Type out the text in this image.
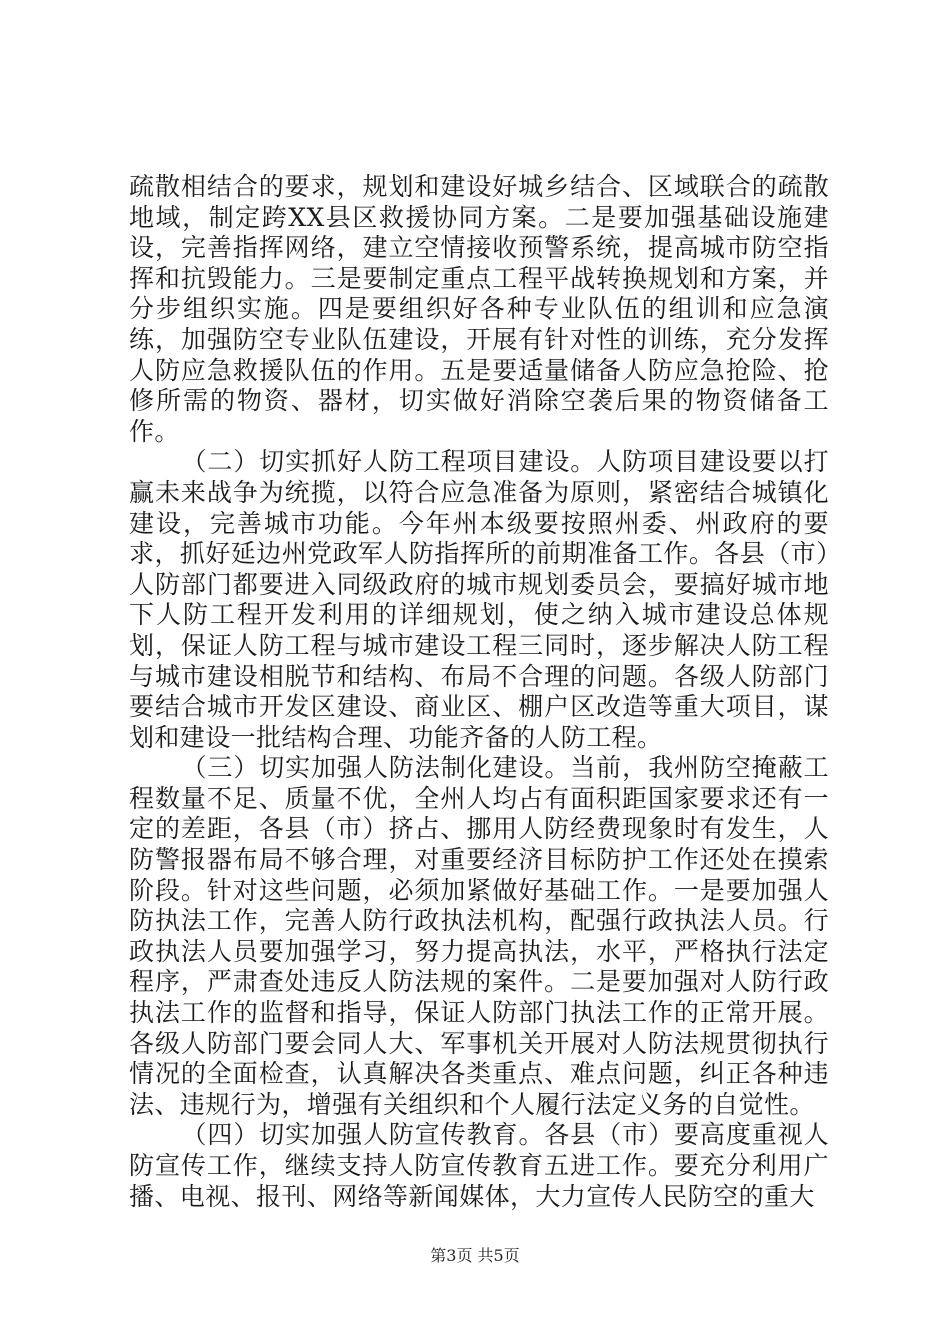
疏散相结合的要求，规划和建设好城乡结合、区域联合的疏散地域，制定跨XX县区救援协同方案。二是要加强基础设施建设，完善指挥网络，建立空情接收预警系统，提高城市防空指挥和抗毁能力。三是要制定重点工程平战转换规划和方案，并分步组织实施。四是要组织好各种专业队伍的组训和应急演练，加强防空专业队伍建设，开展有针对性的训练，充分发挥人防应急救援队伍的作用。五是要适量储备人防应急抢险、抢修所需的物资、器材，切实做好消除空袭后果的物资储备工作。

（二）切实抓好人防工程项目建设。人防项目建设要以打赢未来战争为统揽，以符合应急准备为原则，紧密结合城镇化建设，完善城市功能。今年州本级要按照州委、州政府的要求，抓好延边州党政军人防指挥所的前期准备工作。各县（市）人防部门都要进入同级政府的城市规划委员会，要搞好城市地下人防工程开发利用的详细规划，使之纳入城市建设总体规划，保证人防工程与城市建设工程三同时，逐步解决人防工程与城市建设相脱节和结构、布局不合理的问题。各级人防部门要结合城市开发区建设、商业区、棚户区改造等重大项目，谋划和建设一批结构合理、功能齐备的人防工程。

（三）切实加强人防法制化建设。当前，我州防空掩蔽工程数量不足、质量不优，全州人均占有面积距国家要求还有一定的差距，各县（市）挤占、挪用人防经费现象时有发生，人防警报器布局不够合理，对重要经济目标防护工作还处在摸索阶段。针对这些问题，必须加紧做好基础工作。一是要加强人防执法工作，完善人防行政执法机构，配强行政执法人员。行政执法人员要加强学习，努力提高执法，水平，严格执行法定程序，严肃查处违反人防法规的案件。二是要加强对人防行政执法工作的监督和指导，保证人防部门执法工作的正常开展。各级人防部门要会同人大、军事机关开展对人防法规贯彻执行情况的全面检查，认真解决各类重点、难点问题，纠正各种违法、违规行为，增强有关组织和个人履行法定义务的自觉性。

（四）切实加强人防宣传教育。各县（市）要高度重视人防宣传工作，继续支持人防宣传教育五进工作。要充分利用广播、电视、报刊、网络等新闻媒体，大力宣传人民防空的重大

第3页 共5页
